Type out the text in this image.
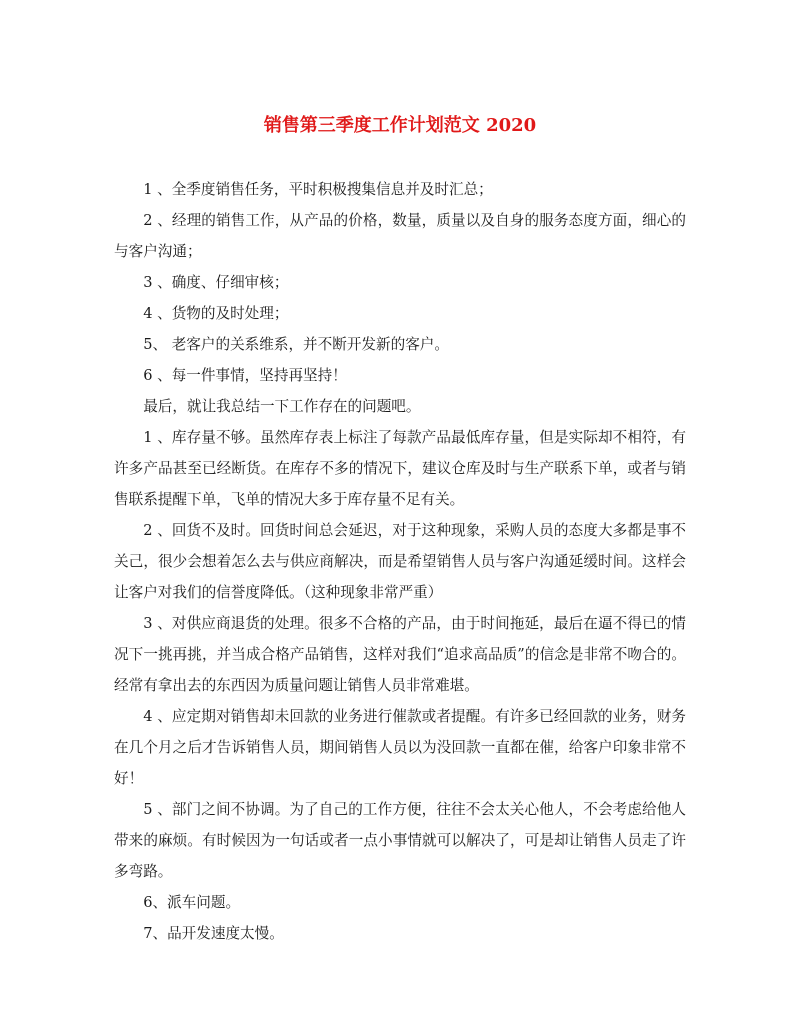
销售第三季度工作计划范文 2020

1 、全季度销售任务，平时积极搜集信息并及时汇总；

2 、经理的销售工作，从产品的价格，数量，质量以及自身的服务态度方面，细心的与客户沟通；

3 、确度、仔细审核；

4 、货物的及时处理；

5、 老客户的关系维系，并不断开发新的客户。

6 、每一件事情，坚持再坚持！

最后，就让我总结一下工作存在的问题吧。

1 、库存量不够。虽然库存表上标注了每款产品最低库存量，但是实际却不相符，有许多产品甚至已经断货。在库存不多的情况下，建议仓库及时与生产联系下单，或者与销售联系提醒下单，飞单的情况大多于库存量不足有关。

2 、回货不及时。回货时间总会延迟，对于这种现象，采购人员的态度大多都是事不关己，很少会想着怎么去与供应商解决，而是希望销售人员与客户沟通延缓时间。这样会让客户对我们的信誉度降低。（这种现象非常严重）

3 、对供应商退货的处理。很多不合格的产品，由于时间拖延，最后在逼不得已的情况下一挑再挑，并当成合格产品销售，这样对我们“追求高品质”的信念是非常不吻合的。经常有拿出去的东西因为质量问题让销售人员非常难堪。

4 、应定期对销售却未回款的业务进行催款或者提醒。有许多已经回款的业务，财务在几个月之后才告诉销售人员，期间销售人员以为没回款一直都在催，给客户印象非常不好！

5 、部门之间不协调。为了自己的工作方便，往往不会太关心他人，不会考虑给他人带来的麻烦。有时候因为一句话或者一点小事情就可以解决了，可是却让销售人员走了许多弯路。

6、派车问题。

7、品开发速度太慢。
